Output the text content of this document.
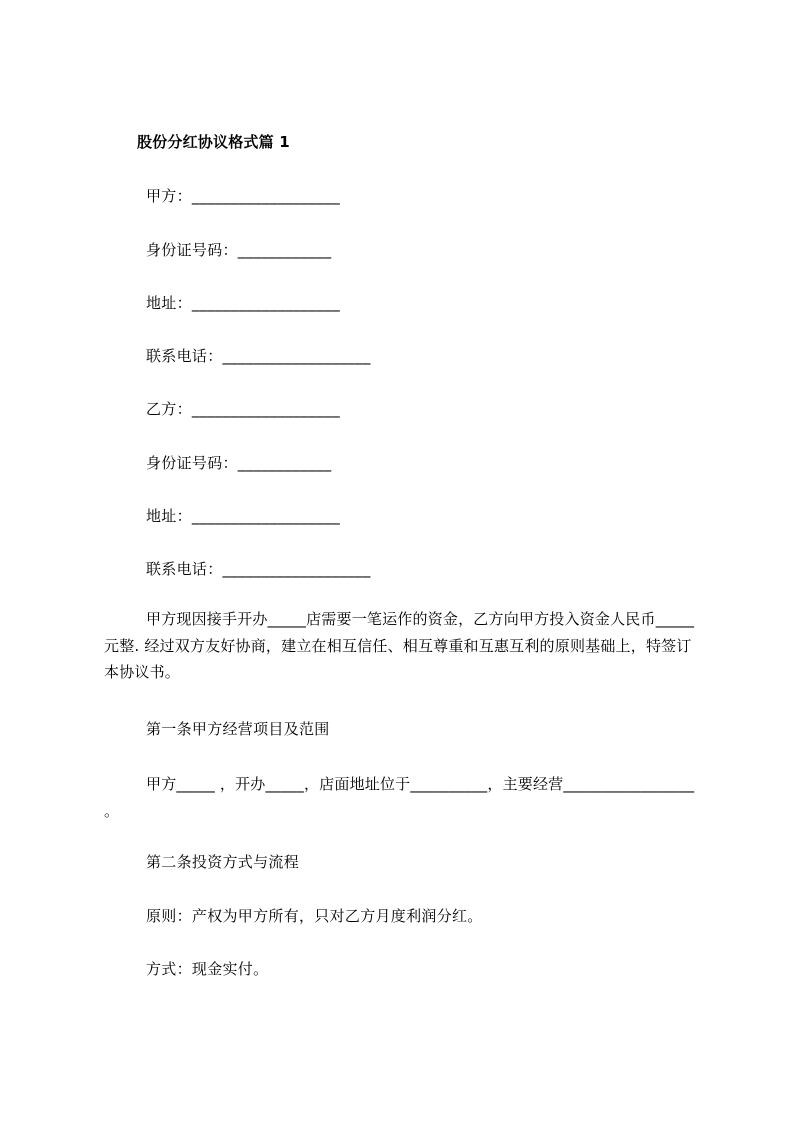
股份分红协议格式篇 1
甲方：___________________
身份证号码：____________
地址：___________________
联系电话：___________________
乙方：___________________
身份证号码：____________
地址：___________________
联系电话：___________________
甲方现因接手开办_____店需要一笔运作的资金，乙方向甲方投入资金人民币_____元整. 经过双方友好协商，建立在相互信任、相互尊重和互惠互利的原则基础上，特签订本协议书。
第一条甲方经营项目及范围
甲方_____ ，开办_____，店面地址位于__________，主要经营_________________ 。
第二条投资方式与流程
原则：产权为甲方所有，只对乙方月度利润分红。
方式：现金实付。
